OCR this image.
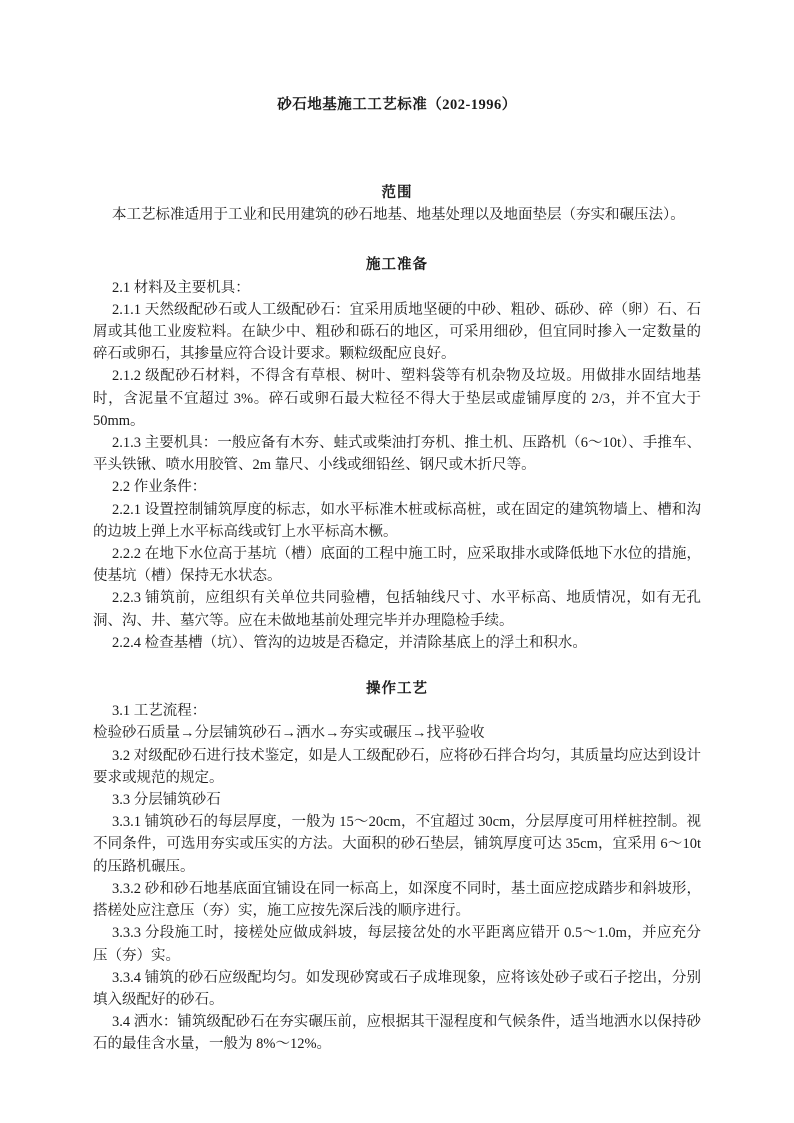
砂石地基施工工艺标准（202-1996）
范围

本工艺标准适用于工业和民用建筑的砂石地基、地基处理以及地面垫层（夯实和碾压法）。

施工准备

2.1 材料及主要机具：

2.1.1 天然级配砂石或人工级配砂石：宜采用质地坚硬的中砂、粗砂、砾砂、碎（卵）石、石屑或其他工业废粒料。在缺少中、粗砂和砾石的地区，可采用细砂，但宜同时掺入一定数量的碎石或卵石，其掺量应符合设计要求。颗粒级配应良好。

2.1.2 级配砂石材料，不得含有草根、树叶、塑料袋等有机杂物及垃圾。用做排水固结地基时，含泥量不宜超过 3%。碎石或卵石最大粒径不得大于垫层或虚铺厚度的 2/3，并不宜大于 50mm。

2.1.3 主要机具：一般应备有木夯、蛙式或柴油打夯机、推土机、压路机（6～10t）、手推车、平头铁锹、喷水用胶管、2m 靠尺、小线或细铅丝、钢尺或木折尺等。

2.2 作业条件：

2.2.1 设置控制铺筑厚度的标志，如水平标准木桩或标高桩，或在固定的建筑物墙上、槽和沟的边坡上弹上水平标高线或钉上水平标高木橛。

2.2.2 在地下水位高于基坑（槽）底面的工程中施工时，应采取排水或降低地下水位的措施，使基坑（槽）保持无水状态。

2.2.3 铺筑前，应组织有关单位共同验槽，包括轴线尺寸、水平标高、地质情况，如有无孔洞、沟、井、墓穴等。应在未做地基前处理完毕并办理隐检手续。

2.2.4 检查基槽（坑）、管沟的边坡是否稳定，并清除基底上的浮土和积水。

操作工艺

3.1 工艺流程：

检验砂石质量→分层铺筑砂石→洒水→夯实或碾压→找平验收

3.2 对级配砂石进行技术鉴定，如是人工级配砂石，应将砂石拌合均匀，其质量均应达到设计要求或规范的规定。

3.3 分层铺筑砂石

3.3.1 铺筑砂石的每层厚度，一般为 15～20cm，不宜超过 30cm，分层厚度可用样桩控制。视不同条件，可选用夯实或压实的方法。大面积的砂石垫层，铺筑厚度可达 35cm，宜采用 6～10t 的压路机碾压。

3.3.2 砂和砂石地基底面宜铺设在同一标高上，如深度不同时，基土面应挖成踏步和斜坡形，搭槎处应注意压（夯）实，施工应按先深后浅的顺序进行。

3.3.3 分段施工时，接槎处应做成斜坡，每层接岔处的水平距离应错开 0.5～1.0m，并应充分压（夯）实。

3.3.4 铺筑的砂石应级配均匀。如发现砂窝或石子成堆现象，应将该处砂子或石子挖出，分别填入级配好的砂石。

3.4 洒水：铺筑级配砂石在夯实碾压前，应根据其干湿程度和气候条件，适当地洒水以保持砂石的最佳含水量，一般为 8%～12%。
